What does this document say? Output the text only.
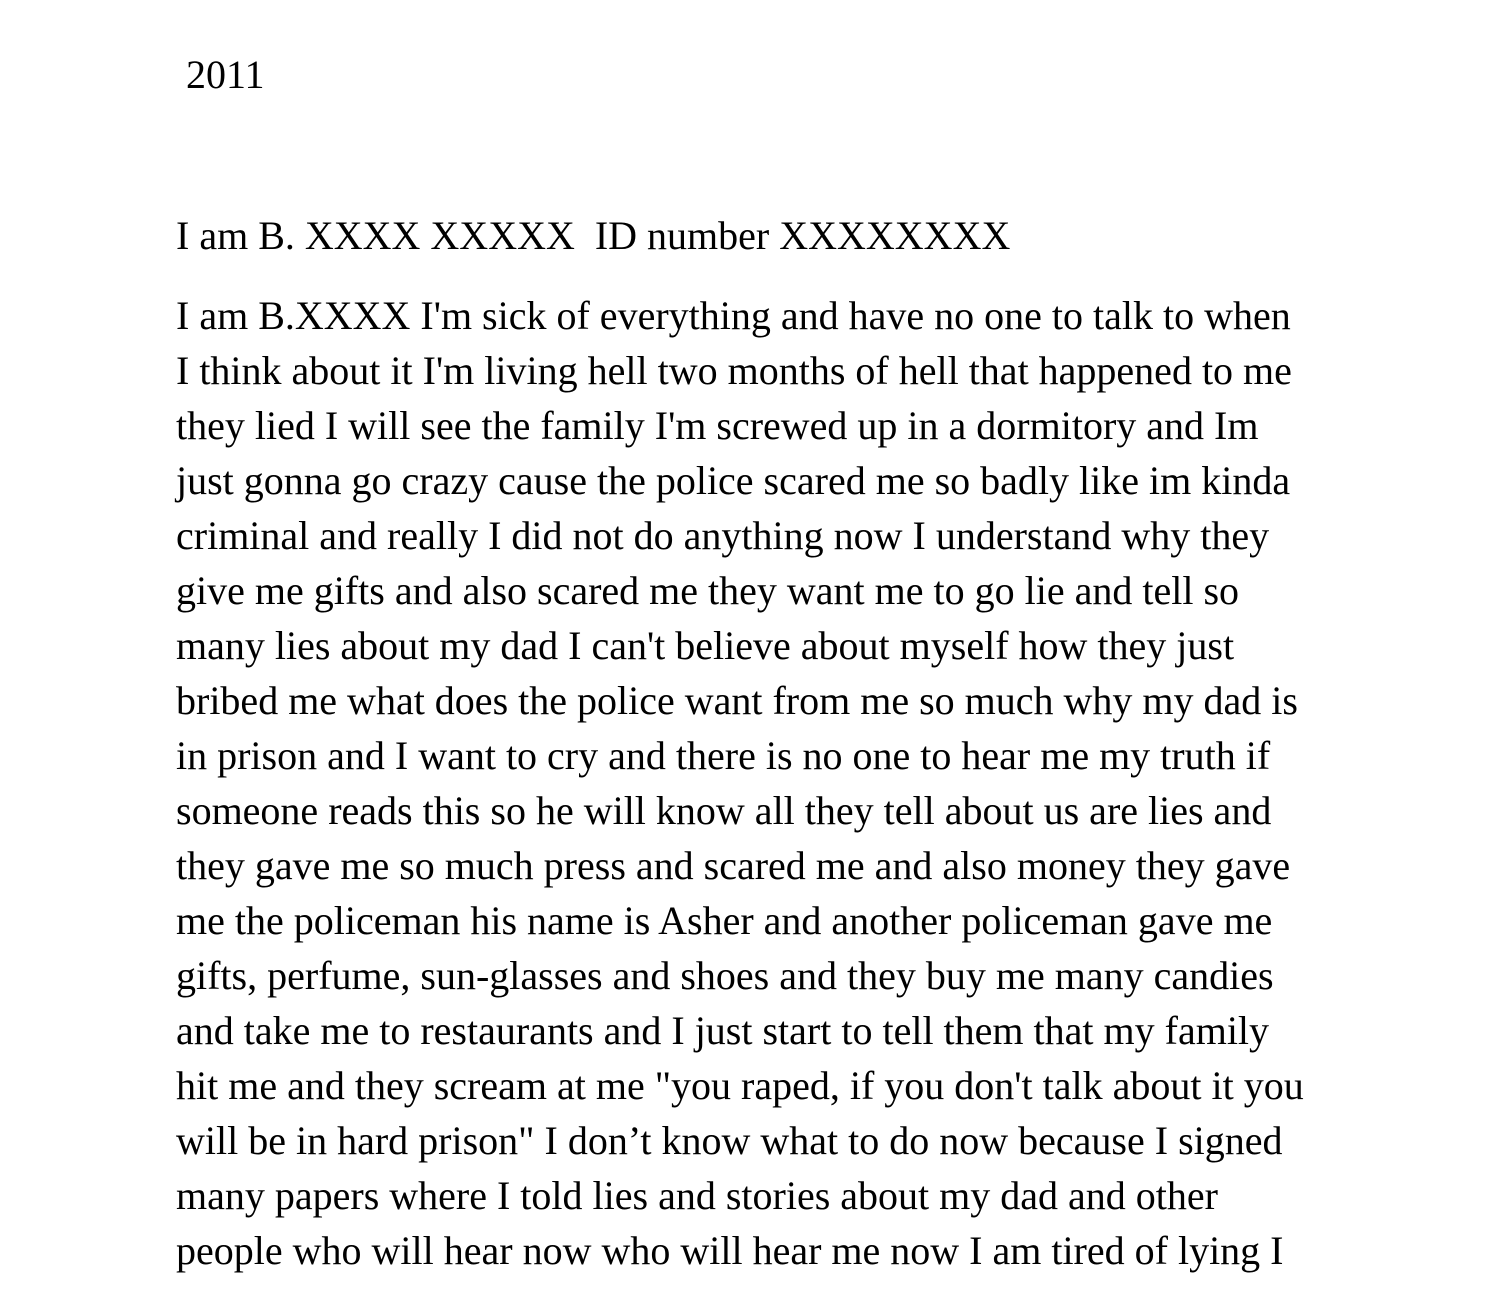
2011
I am B. XXXX XXXXX  ID number XXXXXXXX
I am B.XXXX I'm sick of everything and have no one to talk to when
I think about it I'm living hell two months of hell that happened to me
they lied I will see the family I'm screwed up in a dormitory and Im
just gonna go crazy cause the police scared me so badly like im kinda
criminal and really I did not do anything now I understand why they
give me gifts and also scared me they want me to go lie and tell so
many lies about my dad I can't believe about myself how they just
bribed me what does the police want from me so much why my dad is
in prison and I want to cry and there is no one to hear me my truth if
someone reads this so he will know all they tell about us are lies and
they gave me so much press and scared me and also money they gave
me the policeman his name is Asher and another policeman gave me
gifts, perfume, sun-glasses and shoes and they buy me many candies
and take me to restaurants and I just start to tell them that my family
hit me and they scream at me "you raped, if you don't talk about it you
will be in hard prison" I don’t know what to do now because I signed
many papers where I told lies and stories about my dad and other
people who will hear now who will hear me now I am tired of lying I
